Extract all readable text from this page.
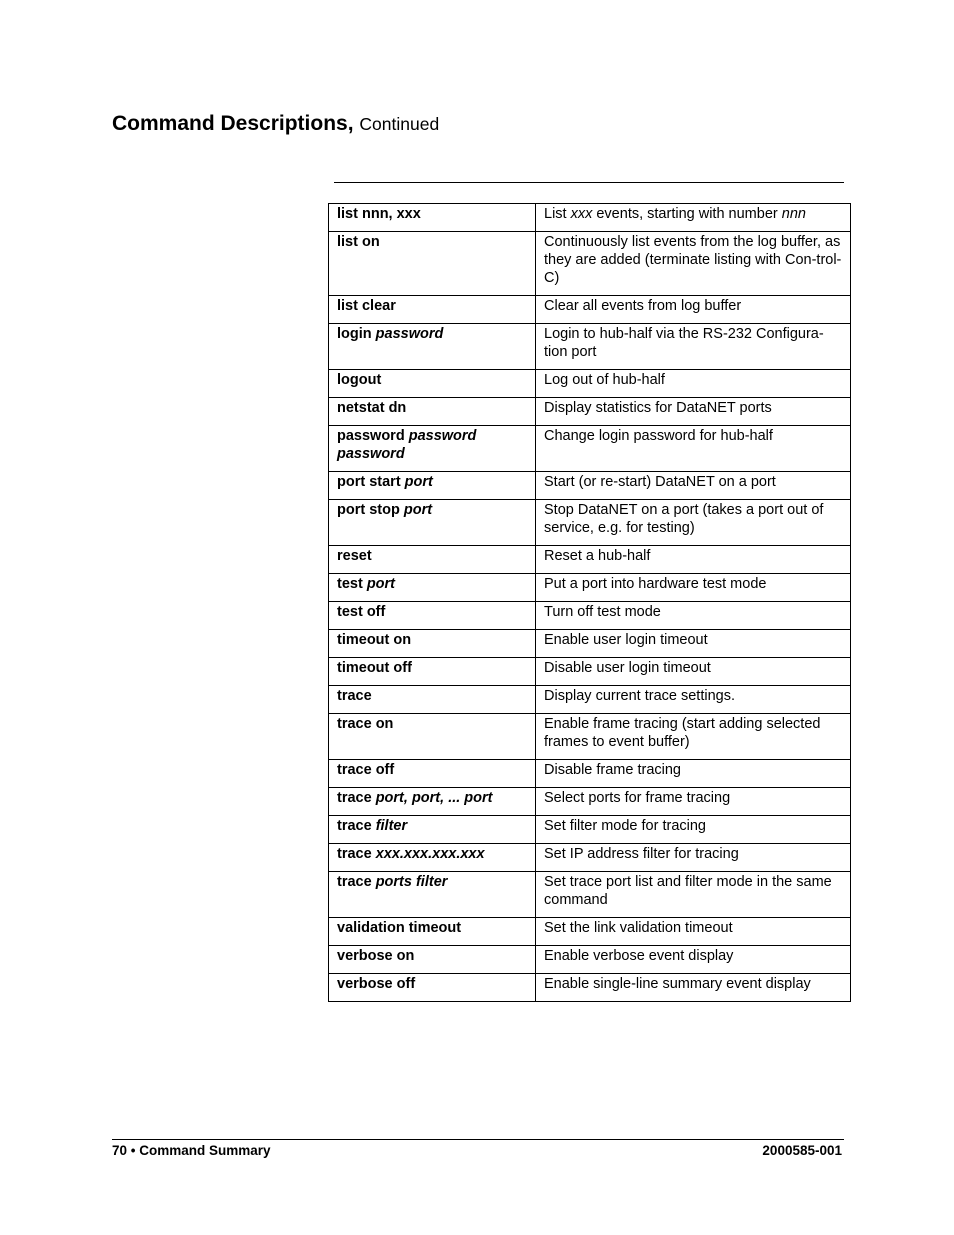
Command Descriptions, Continued
list nnn, xxx	List xxx events, starting with number nnn
list on	Continuously list events from the log buffer, as they are added (terminate listing with Con-trol-C)
list clear	Clear all events from log buffer
login password	Login to hub-half via the RS-232 Configura-tion port
logout	Log out of hub-half
netstat dn	Display statistics for DataNET ports
password password password	Change login password for hub-half
port start port	Start (or re-start) DataNET on a port
port stop port	Stop DataNET on a port (takes a port out of service, e.g. for testing)
reset	Reset a hub-half
test port	Put a port into hardware test mode
test off	Turn off test mode
timeout on	Enable user login timeout
timeout off	Disable user login timeout
trace	Display current trace settings.
trace on	Enable frame tracing (start adding selected frames to event buffer)
trace off	Disable frame tracing
trace port, port, ... port	Select ports for frame tracing
trace filter	Set filter mode for tracing
trace xxx.xxx.xxx.xxx	Set IP address filter for tracing
trace ports filter	Set trace port list and filter mode in the same command
validation timeout	Set the link validation timeout
verbose on	Enable verbose event display
verbose off	Enable single-line summary event display
70 • Command Summary	2000585-001
